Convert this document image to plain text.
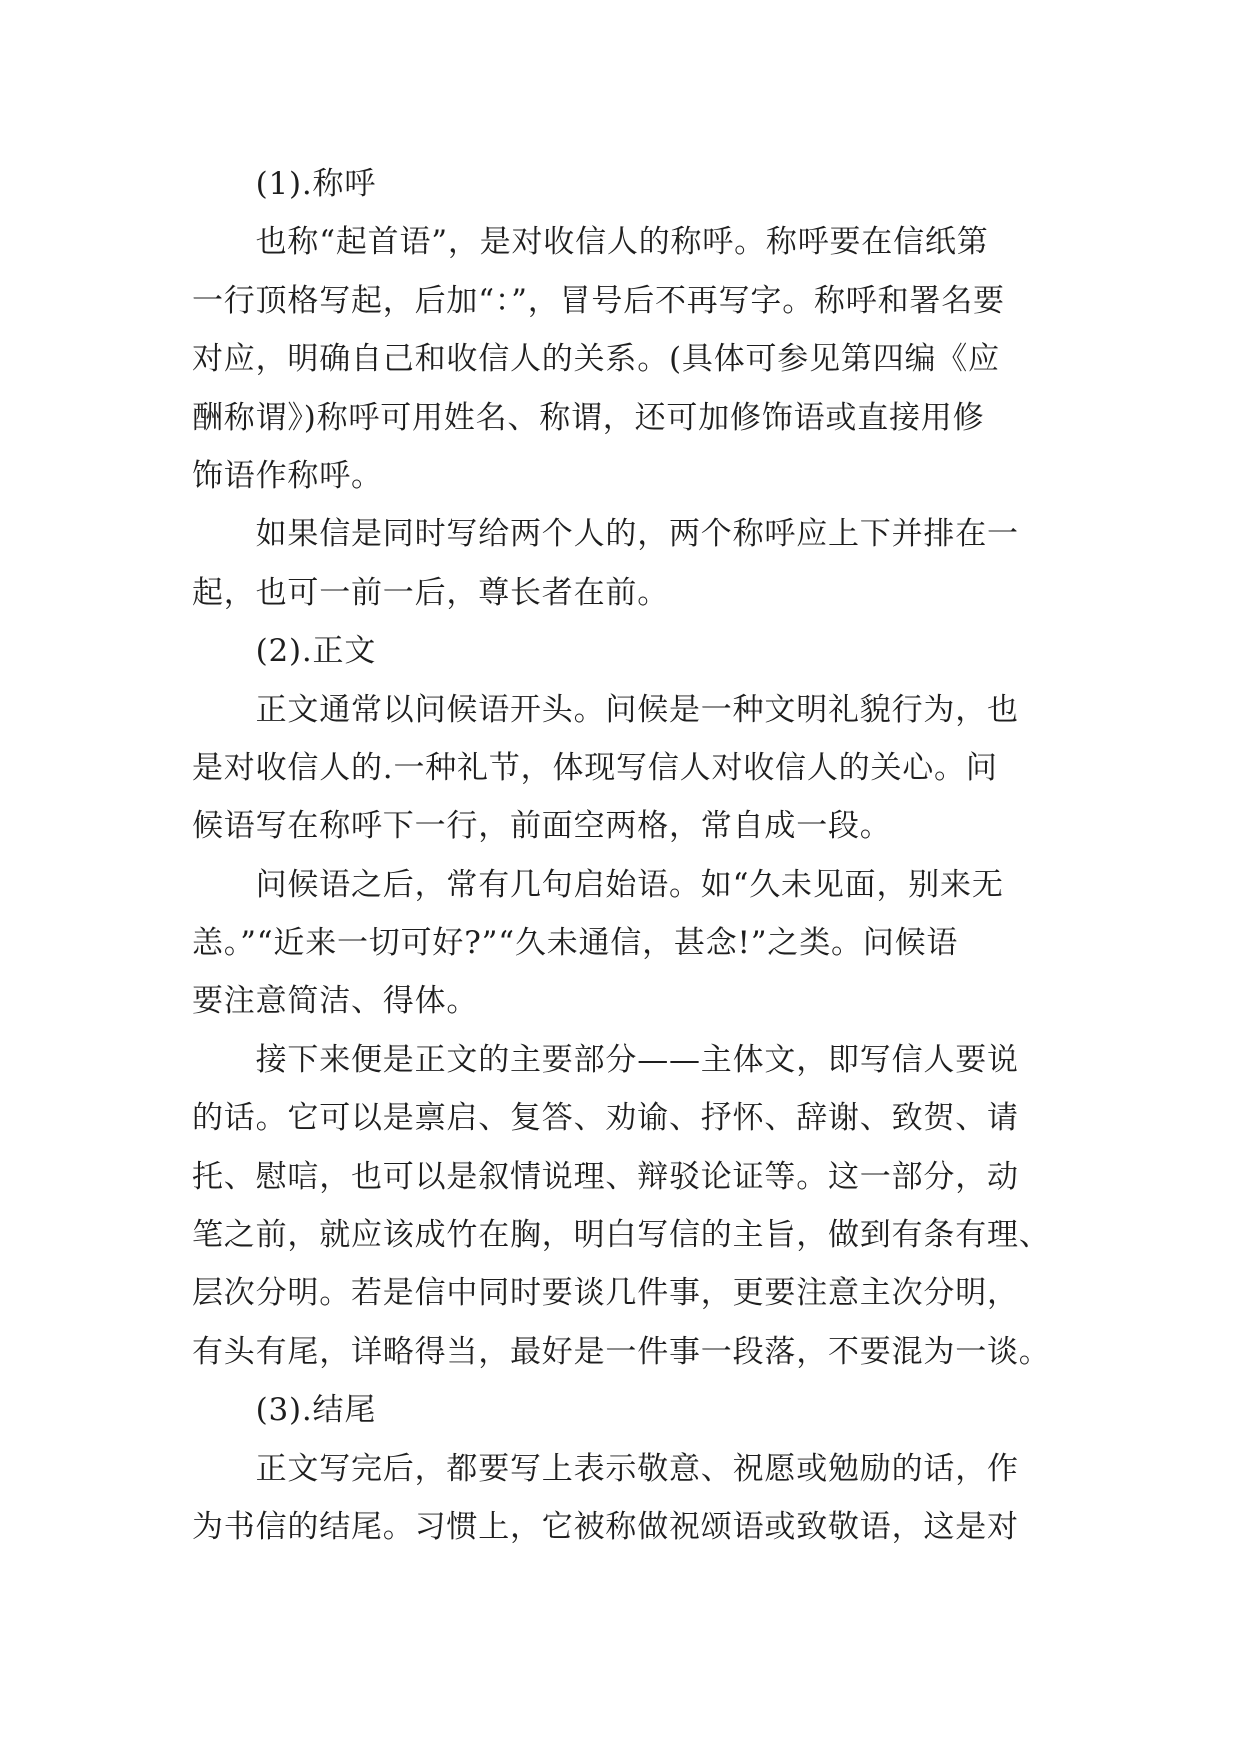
(1).称呼
也称“起首语”，是对收信人的称呼。称呼要在信纸第
一行顶格写起，后加“：”，冒号后不再写字。称呼和署名要
对应，明确自己和收信人的关系。(具体可参见第四编《应
酬称谓》)称呼可用姓名、称谓，还可加修饰语或直接用修
饰语作称呼。
如果信是同时写给两个人的，两个称呼应上下并排在一
起，也可一前一后，尊长者在前。
(2).正文
正文通常以问候语开头。问候是一种文明礼貌行为，也
是对收信人的.一种礼节，体现写信人对收信人的关心。问
候语写在称呼下一行，前面空两格，常自成一段。
问候语之后，常有几句启始语。如“久未见面，别来无
恙。”“近来一切可好?”“久未通信，甚念!”之类。问候语
要注意简洁、得体。
接下来便是正文的主要部分——主体文，即写信人要说
的话。它可以是禀启、复答、劝谕、抒怀、辞谢、致贺、请
托、慰唁，也可以是叙情说理、辩驳论证等。这一部分，动
笔之前，就应该成竹在胸，明白写信的主旨，做到有条有理、
层次分明。若是信中同时要谈几件事，更要注意主次分明，
有头有尾，详略得当，最好是一件事一段落，不要混为一谈。
(3).结尾
正文写完后，都要写上表示敬意、祝愿或勉励的话，作
为书信的结尾。习惯上，它被称做祝颂语或致敬语，这是对
